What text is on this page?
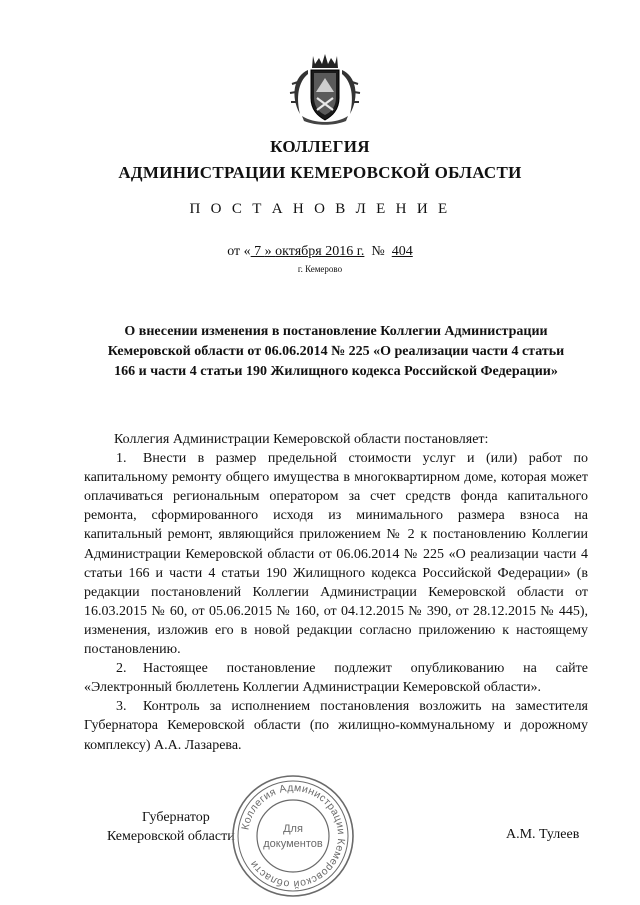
КОЛЛЕГИЯ
АДМИНИСТРАЦИИ КЕМЕРОВСКОЙ ОБЛАСТИ
П О С Т А Н О В Л Е Н И Е
от « 7 » октября 2016 г.  №  404
г. Кемерово
О внесении изменения в постановление Коллегии Администрации Кемеровской области от 06.06.2014 № 225 «О реализации части 4 статьи 166 и части 4 статьи 190 Жилищного кодекса Российской Федерации»

Коллегия Администрации Кемеровской области постановляет:

1. Внести в размер предельной стоимости услуг и (или) работ по капитальному ремонту общего имущества в многоквартирном доме, которая может оплачиваться региональным оператором за счет средств фонда капитального ремонта, сформированного исходя из минимального размера взноса на капитальный ремонт, являющийся приложением № 2 к постановлению Коллегии Администрации Кемеровской области от 06.06.2014 № 225 «О реализации части 4 статьи 166 и части 4 статьи 190 Жилищного кодекса Российской Федерации» (в редакции постановлений Коллегии Администрации Кемеровской области от 16.03.2015 № 60, от 05.06.2015 № 160, от 04.12.2015 № 390, от 28.12.2015 № 445), изменения, изложив его в новой редакции согласно приложению к настоящему постановлению.

2. Настоящее постановление подлежит опубликованию на сайте «Электронный бюллетень Коллегии Администрации Кемеровской области».

3. Контроль за исполнением постановления возложить на заместителя Губернатора Кемеровской области (по жилищно-коммунальному и дорожному комплексу) А.А. Лазарева.

Губернатор
Кемеровской области	А.М. Тулеев
Коллегия Администрации Кемеровской области
Для
документов
